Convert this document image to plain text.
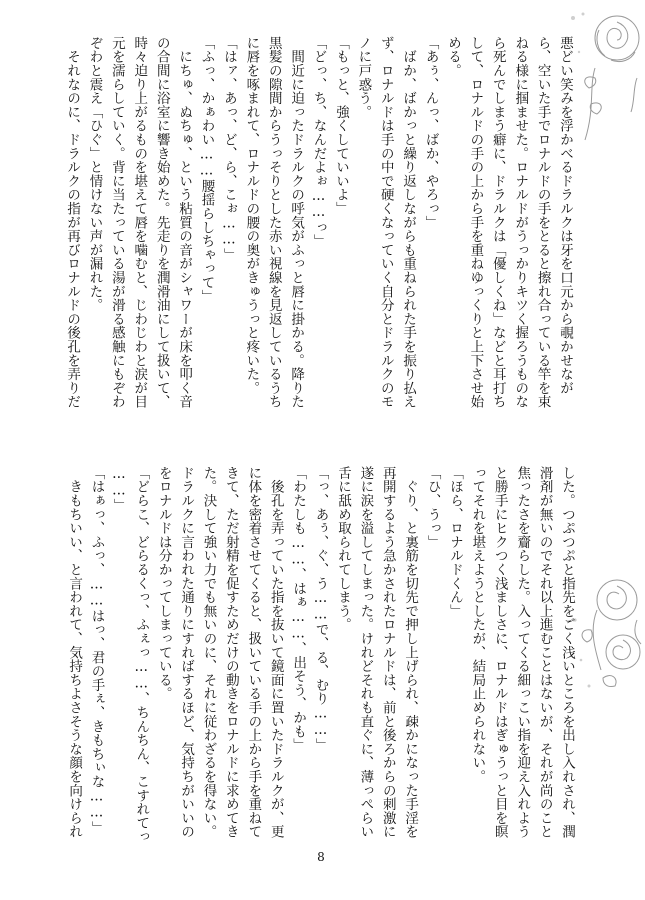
悪どい笑みを浮かべるドラルクは牙を口元から覗かせなが
ら、空いた手でロナルドの手をとると擦れ合っている竿を束
ねる様に掴ませた。ロナルドがうっかりキツく握ろうものな
ら死んでしまう癖に、ドラルクは「優しくね」などと耳打ち
して、ロナルドの手の上から手を重ねゆっくりと上下させ始
める。
「あぅ、んっ、ばか、やろっ」
　ばか、ばかっと繰り返しながらも重ねられた手を振り払え
ず、ロナルドは手の中で硬くなっていく自分とドラルクのモ
ノに戸惑う。
「もっと、強くしていいよ」
「どっ、ち、なんだよぉ……っ」
　間近に迫ったドラルクの呼気がふっと唇に掛かる。降りた
黒髪の隙間からうっそりとした赤い視線を見返しているうち
に唇を啄まれて、ロナルドの腰の奥がきゅうっと疼いた。
「はァ、あっ、ど、ら、こぉ……」
「ふっ、かぁわい……腰揺らしちゃって」
　にちゅ、ぬちゅ、という粘質の音がシャワーが床を叩く音
の合間に浴室に響き始めた。先走りを潤滑油にして扱いて、
時々迫り上がるものを堪えて唇を噛むと、じわじわと涙が目
元を濡らしていく。背に当たっている湯が滑る感触にもぞわ
ぞわと震え「ひぐ」と情けない声が漏れた。
　それなのに、ドラルクの指が再びロナルドの後孔を弄りだ
した。つぷつぷと指先をごく浅いところを出し入れされ、潤
滑剤が無いのでそれ以上進むことはないが、それが尚のこと
焦ったさを齎らした。入ってくる細っこい指を迎え入れよう
と勝手にヒクつく浅ましさに、ロナルドはぎゅうっと目を瞑
ってそれを堪えようとしたが、結局止められない。
「ほら、ロナルドくん」
「ひ、うっ」
　ぐり、と裏筋を切先で押し上げられ、疎かになった手淫を
再開するよう急かされたロナルドは、前と後ろからの刺激に
遂に涙を溢してしまった。けれどそれも直ぐに、薄っぺらい
舌に舐め取られてしまう。
「っ、あぅ、ぐ、う……で、る、むり……」
「わたしも……、はぁ……、出そう、かも」
　後孔を弄っていた指を抜いて鏡面に置いたドラルクが、更
に体を密着させてくると、扱いている手の上から手を重ねて
きて、ただ射精を促すためだけの動きをロナルドに求めてき
た。決して強い力でも無いのに、それに従わざるを得ない。
ドラルクに言われた通りにすればするほど、気持ちがいいの
をロナルドは分かってしまっている。
「どらこ、どらるくっ、ふぇっ……、ちんちん、こすれてっ
……」
「はぁっ、ふっ、……はっ、君の手ぇ、きもちぃな……」
　きもちいい、と言われて、気持ちよさそうな顔を向けられ
8
